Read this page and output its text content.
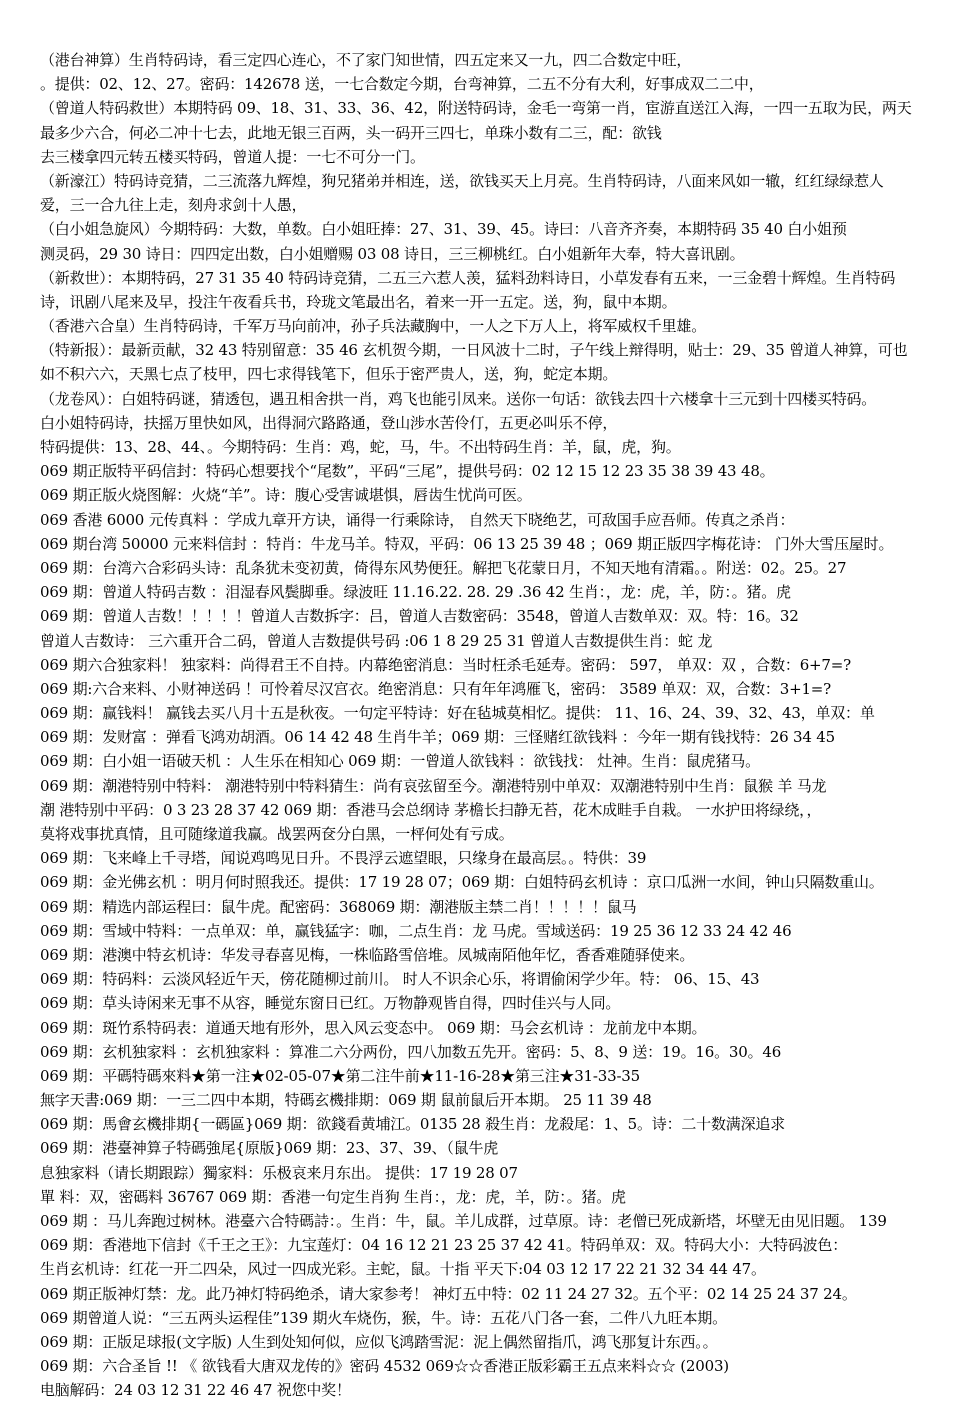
（港台神算）生肖特码诗，看三定四心连心，不了家门知世情，四五定来又一九，四二合数定中旺，
。提供：02、12、27。密码：142678 送，一七合数定今期，台弯神算，二五不分有大利，好事成双二二中，
（曾道人特码救世）本期特码 09、18、31、33、36、42，附送特码诗，金毛一弯第一肖，宦游直送江入海，一四一五取为民，两天
最多少六合，何必二冲十七去，此地无银三百两，头一码开三四七，单珠小数有二三，配：欲钱
去三楼拿四元转五楼买特码，曾道人提：一七不可分一门。
（新濠江）特码诗竞猜，二三流落九辉煌，狗兄猪弟并相连，送，欲钱买天上月亮。生肖特码诗，八面来风如一辙，红红绿绿惹人
爱，三一合九往上走，刻舟求剑十人愚，
（白小姐急旋风）今期特码：大数，单数。白小姐旺捧：27、31、39、45。诗曰：八音齐齐奏，本期特码 35 40 白小姐预
测灵码，29 30 诗日：四四定出数，白小姐赠赐 03 08 诗日，三三柳桃红。白小姐新年大奉，特大喜讯剧。
（新救世）：本期特码，27 31 35 40 特码诗竞猜，二五三六惹人羡，猛料劲料诗日，小草发春有五来，一三金碧十辉煌。生肖特码
诗，讯剧八尾来及早，投注午夜看兵书，玲珑文笔最出名，着来一开一五定。送，狗，鼠中本期。
（香港六合皇）生肖特码诗，千军万马向前冲，孙子兵法藏胸中，一人之下万人上，将军威权千里雄。
（特新报）：最新贡献，32 43 特别留意：35 46 玄机贺今期，一日风波十二时，子午线上辩得明，贴士：29、35 曾道人神算，可也
如不积六六，天黑七点了枝甲，四七求得钱笔下，但乐于密严贵人，送，狗，蛇定本期。
（龙卷风）：白姐特码谜，猜透包，遇丑相舍拱一肖，鸡飞也能引凤来。送你一句话：欲钱去四十六楼拿十三元到十四楼买特码。
白小姐特码诗，扶摇万里快如风，出得洞穴路路通，登山涉水苦伶仃，五更必叫乐不停，
特码提供：13、28、44、。今期特码：生肖：鸡，蛇，马，牛。不出特码生肖：羊，鼠，虎，狗。
069 期正版特平码信封：特码心想要找个“尾数”，平码“三尾”，提供号码：02 12 15 12 23 35 38 39 43 48。
069 期正版火烧图解：火烧“羊”。诗：腹心受害诚堪惧，唇齿生忧尚可医。
069 香港 6000 元传真料 ：学成九章开方诀，诵得一行乘除诗， 自然天下晓绝艺，可敌国手应吾师。传真之杀肖：
069 期台湾 50000 元来料信封 ：特肖：牛龙马羊。特双，平码：06 13 25 39 48 ；069 期正版四字梅花诗： 门外大雪压屋时。
069 期：台湾六合彩码头诗：乱条犹未变初黄，倚得东风势便狂。解把飞花蒙日月，不知天地有清霜。。附送：02。25。27
069 期：曾道人特码吉数 ：泪湿春风鬓脚垂。绿波旺 11.16.22. 28. 29 .36 42 生肖：，龙：虎，羊，防：。猪。虎
069 期：曾道人吉数！！！！！曾道人吉数拆字：吕，曾道人吉数密码：3548，曾道人吉数单双：双。特：16。32
曾道人吉数诗： 三六重开合二码，曾道人吉数提供号码 :06 1 8 29 25 31 曾道人吉数提供生肖：蛇 龙
069 期六合独家料！ 独家料：尚得君王不自持。内幕绝密消息：当时枉杀毛延寿。密码： 597， 单双：双 ，合数：6+7=?
069 期:六合来料、小财神送码 ！可怜着尽汉宫衣。绝密消息：只有年年鸿雁飞，密码： 3589 单双：双，合数：3+1=?
069 期：赢钱料！ 赢钱去买八月十五是秋夜。一句定平特诗：好在毡城莫相忆。提供： 11、16、24、39、32、43，单双：单
069 期：发财富 ：弹看飞鸿劝胡酒。06 14 42 48 生肖牛羊；069 期：三怪赌红欲钱料 ：今年一期有钱找特：26 34 45
069 期：白小姐一语破天机 ：人生乐在相知心 069 期：一曾道人欲钱料 ：欲钱找： 灶神。生肖：鼠虎猪马。
069 期：潮港特别中特料： 潮港特别中特料猜生：尚有哀弦留至今。潮港特别中单双：双潮港特别中生肖：鼠猴 羊 马龙
潮 港特别中平码：0 3 23 28 37 42 069 期：香港马会总纲诗 茅檐长扫静无苔，花木成畦手自栽。 一水护田将绿绕，，
莫将戏事扰真情，且可随缘道我赢。战罢两奁分白黑，一枰何处有亏成。
069 期：飞来峰上千寻塔，闻说鸡鸣见日升。不畏浮云遮望眼，只缘身在最高层。。特供：39
069 期：金光佛玄机 ：明月何时照我还。提供：17 19 28 07；069 期：白姐特码玄机诗 ：京口瓜洲一水间，钟山只隔数重山。
069 期：精选内部运程曰：鼠牛虎。配密码：368069 期：潮港版主禁二肖！！！！！鼠马
069 期：雪域中特料：一点单双：单，赢钱猛字：咖，二点生肖：龙 马虎。雪域送码：19 25 36 12 33 24 42 46
069 期：港澳中特玄机诗：华发寻春喜见梅，一株临路雪倍堆。凤城南陌他年忆，香香难随驿使来。
069 期：特码料：云淡风轻近午天，傍花随柳过前川。 时人不识余心乐，将谓偷闲学少年。特： 06、15、43
069 期：草头诗闲来无事不从容，睡觉东窗日已红。万物静观皆自得，四时佳兴与人同。
069 期：斑竹系特码表：道通天地有形外，思入风云变态中。 069 期：马会玄机诗 ：龙前龙中本期。
069 期：玄机独家料 ：玄机独家料 ：算准二六分两份，四八加数五先开。密码：5、8、9 送：19。16。30。46
069 期：平碼特碼來料★第一注★02-05-07★第二注牛前★11-16-28★第三注★31-33-35
無字天書:069 期：一三二四中本期，特碼玄機排期：069 期 鼠前鼠后开本期。 25 11 39 48
069 期：馬會玄機排期{一碼區}069 期：欲錢看黄埔江。0135 28 殺生肖：龙殺尾：1、5。诗：二十数满深追求
069 期：港臺神算子特碼強尾{原版}069 期：23、37、39、（鼠牛虎
息独家料（请长期跟踪）獨家料：乐极哀来月东出。 提供：17 19 28 07
單 料：双，密碼料 36767 069 期：香港一句定生肖狗 生肖：，龙：虎，羊，防：。猪。虎
069 期 ：马儿奔跑过树林。港臺六合特碼詩：。生肖：牛，鼠。羊儿成群，过草原。诗：老僧已死成新塔，坏壁无由见旧题。 139
069 期：香港地下信封《千王之王》：九宝莲灯：04 16 12 21 23 25 37 42 41。特码单双：双。特码大小：大特码波色：
生肖玄机诗：红花一开二四朵，风过一四成光彩。主蛇，鼠。十指 平天下:04 03 12 17 22 21 32 34 44 47。
069 期正版神灯禁：龙。此乃神灯特码绝杀，请大家参考！ 神灯五中特：02 11 24 27 32。五个平：02 14 25 24 37 24。
069 期曾道人说：“三五两头运程佳”139 期火车烧伤，猴，牛。诗：五花八门各一套，二件八九旺本期。
069 期：正版足球报(文字版) 人生到处知何似，应似飞鸿踏雪泥：泥上偶然留指爪，鸿飞那复计东西。。
069 期：六合圣旨 !! 《 欲钱看大唐双龙传的》密码 4532 069☆☆香港正版彩霸王五点来料☆☆ (2003)
电脑解码：24 03 12 31 22 46 47 祝您中奖！
